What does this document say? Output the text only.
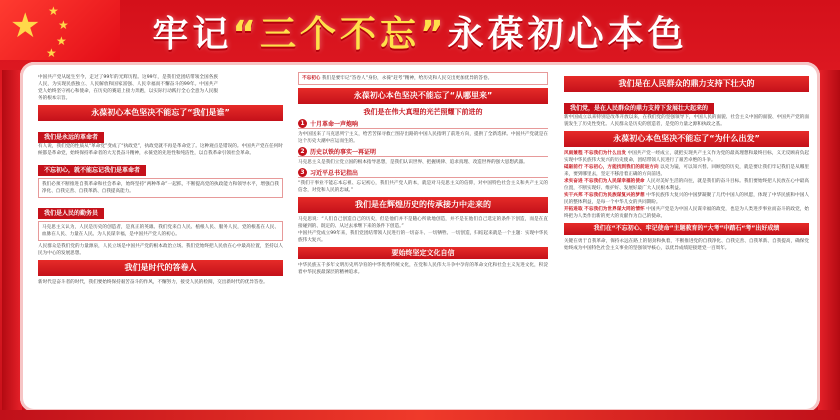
★ ★
★
★
★	牢记“三个不忘”永葆初心本色
中国共产党从诞生至今，走过了99年的光辉历程。这99年，是我们党团结带领全国各族人民，为实现民族独立、人民解放和国家富强、人民幸福而不懈奋斗的99年。中国共产党人始终坚守初心和使命，在历史的赛道上接力奔跑，以实际行动践行全心全意为人民服务的根本宗旨。
永葆初心本色坚决不能忘了“我们是谁”
我们是永远的革命者
有人说，我们党的性质从“革命党”变成了“执政党”，执政党就不再是革命党了。这种观点是错误的。中国共产党在任何时候都是革命党，始终保持革命者的大无畏奋斗精神，永葆党的先进性和纯洁性，以自我革命引领社会革命。
不忘初心，就不能忘记我们是革命者
我们必须不断推进自我革命和社会革命，始终坚持“两种革命”一起抓，不断提高党的执政能力和领导水平，增强自我净化、自我完善、自我革新、自我提高能力。
我们是人民的勤务员
马克思主义认为，人民是历史的创造者，是真正的英雄。我们党来自人民、植根人民、服务人民，党的根基在人民、血脉在人民、力量在人民。为人民谋幸福，是中国共产党人的初心。
人民群众是我们党的力量源泉，人民立场是中国共产党的根本政治立场。我们党始终把人民放在心中最高位置，坚持以人民为中心的发展思想。
我们是时代的答卷人
新时代是奋斗者的时代，我们要始终保持艰苦奋斗的作风，不懈努力，接受人民的检阅，交出新时代的优异答卷。
不忘初心 我们是要牢记“答卷人”身份，永葆“赶考”精神，给历史和人民交出更加优异的答卷。
永葆初心本色坚决不能忘了“从哪里来”
我们是在伟大真理的光芒照耀下前进的
1 十月革命一声炮响
为中国送来了马克思列宁主义，给苦苦探寻救亡图存出路的中国人民指明了前进方向，提供了全新选择。中国共产党就是在这个历史大潮中应运而生的。
2 历史以铁的事实一再证明
马克思主义是我们立党立国的根本指导思想，是我们认识世界、把握规律、追求真理、改造世界的强大思想武器。
3 习近平总书记指出
“我们干事业不能忘本忘祖、忘记初心，我们共产党人的本，就是对马克思主义的信仰，对中国特色社会主义和共产主义的信念，对党和人民的忠诚。”
我们是在辉煌历史的传承接力中走来的
马克思说：“人们自己创造自己的历史，但是他们并不是随心所欲地创造，并不是在他们自己选定的条件下创造，而是在直接碰到的、既定的、从过去承继下来的条件下创造。”
中国共产党成立99年来，我们党团结带领人民进行的一切奋斗、一切牺牲、一切创造，归结起来就是一个主题：实现中华民族伟大复兴。
要始终坚定文化自信
中华民族五千多年文明历史所孕育的中华优秀传统文化，在党和人民伟大斗争中孕育的革命文化和社会主义先进文化，积淀着中华民族最深层的精神追求。
我们是在人民群众的鼎力支持下壮大的
我们党，是在人民群众的鼎力支持下发展壮大起来的
新中国成立以来特别是改革开放以来，在我们党的坚强领导下，中国人民的面貌、社会主义中国的面貌、中国共产党的面貌发生了历史性变化。人民群众是历史的创造者，是党的力量之源和执政之基。
永葆初心本色坚决不能忘了“为什么出发”
风雨兼程 不忘我们为什么出发 中国共产党一经成立，就把实现共产主义作为党的最高理想和最终目标，义无反顾肩负起实现中华民族伟大复兴的历史使命，团结带领人民进行了艰苦卓绝的斗争。
砥砺前行 不忘初心，方能找到我们的前进方向 以史为镜，可以知兴替。回顾党的历史，就是要让我们牢记我们是从哪里来，要到哪里去，坚定不移沿着正确的方向前进。
求实奋进 不忘我们为人民谋幸福的使命 人民对美好生活的向往，就是我们的奋斗目标。我们要始终把人民放在心中最高位置，不断实现好、维护好、发展好最广大人民根本利益。
实干兴邦 不忘我们为民族谋复兴的梦想 中华民族伟大复兴的中国梦凝聚了几代中国人的夙愿，体现了中华民族和中国人民的整体利益，是每一个中华儿女的共同期盼。
开拓进取 不忘我们为世界谋大同的情怀 中国共产党是为中国人民谋幸福的政党，也是为人类进步事业而奋斗的政党，始终把为人类作出新的更大的贡献作为自己的使命。
我们在“不忘初心、牢记使命”主题教育的“大考”中踏石“考”出好成绩
关键在勇于自我革命，保持永远在路上的韧劲和执着，不断推进党的自我净化、自我完善、自我革新、自我提高，确保党始终成为中国特色社会主义事业的坚强领导核心，以优异成绩迎接建党一百周年。
